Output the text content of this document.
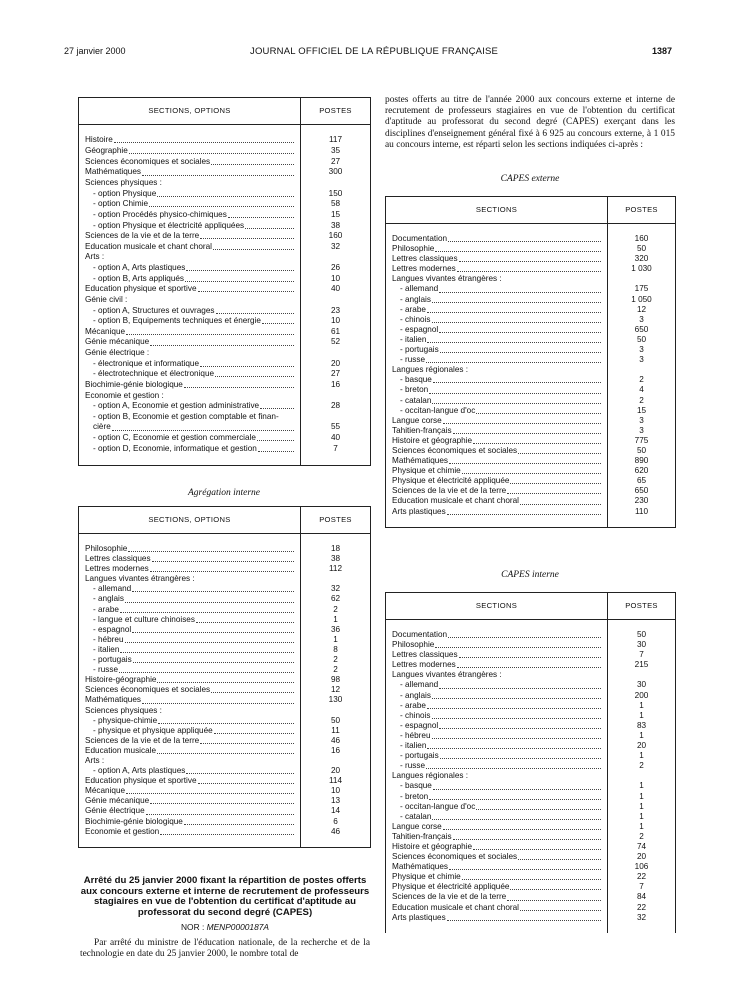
27 janvier 2000	JOURNAL OFFICIEL DE LA RÉPUBLIQUE FRANÇAISE	1387
SECTIONS, OPTIONS	POSTES

Histoire	117

Géographie	35

Sciences économiques et sociales	27

Mathématiques	300

Sciences physiques :	

- option Physique	150

- option Chimie	58

- option Procédés physico-chimiques	15

- option Physique et électricité appliquées	38

Sciences de la vie et de la terre	160

Education musicale et chant choral	32

Arts :	

- option A, Arts plastiques	26

- option B, Arts appliqués	10

Education physique et sportive	40

Génie civil :	

- option A, Structures et ouvrages	23

- option B, Equipements techniques et énergie	10

Mécanique	61

Génie mécanique	52

Génie électrique :	

- électronique et informatique	20

- électrotechnique et électronique	27

Biochimie-génie biologique	16

Economie et gestion :	

- option A, Economie et gestion administrative	28

- option B, Economie et gestion comptable et finan-	

cière	55

- option C, Economie et gestion commerciale	40

- option D, Economie, informatique et gestion	7
Agrégation interne
SECTIONS, OPTIONS	POSTES

Philosophie	18

Lettres classiques	38

Lettres modernes	112

Langues vivantes étrangères :	

- allemand	32

- anglais	62

- arabe	2

- langue et culture chinoises	1

- espagnol	36

- hébreu	1

- italien	8

- portugais	2

- russe	2

Histoire-géographie	98

Sciences économiques et sociales	12

Mathématiques	130

Sciences physiques :	

- physique-chimie	50

- physique et physique appliquée	11

Sciences de la vie et de la terre	46

Education musicale	16

Arts :	

- option A, Arts plastiques	20

Education physique et sportive	114

Mécanique	10

Génie mécanique	13

Génie électrique	14

Biochimie-génie biologique	6

Economie et gestion	46
Arrêté du 25 janvier 2000 fixant la répartition de postes offerts aux concours externe et interne de recrutement de professeurs stagiaires en vue de l'obtention du certificat d'aptitude au professorat du second degré (CAPES)
NOR : MENP0000187A
Par arrêté du ministre de l'éducation nationale, de la recherche et de la technologie en date du 25 janvier 2000, le nombre total de
postes offerts au titre de l'année 2000 aux concours externe et interne de recrutement de professeurs stagiaires en vue de l'obtention du certificat d'aptitude au professorat du second degré (CAPES) exerçant dans les disciplines d'enseignement général fixé à 6 925 au concours externe, à 1 015 au concours interne, est réparti selon les sections indiquées ci-après :
CAPES externe
SECTIONS	POSTES

Documentation	160

Philosophie	50

Lettres classiques	320

Lettres modernes	1 030

Langues vivantes étrangères :	

- allemand	175

- anglais	1 050

- arabe	12

- chinois	3

- espagnol	650

- italien	50

- portugais	3

- russe	3

Langues régionales :	

- basque	2

- breton	4

- catalan	2

- occitan-langue d'oc	15

Langue corse	3

Tahitien-français	3

Histoire et géographie	775

Sciences économiques et sociales	50

Mathématiques	890

Physique et chimie	620

Physique et électricité appliquée	65

Sciences de la vie et de la terre	650

Education musicale et chant choral	230

Arts plastiques	110
CAPES interne
SECTIONS	POSTES

Documentation	50

Philosophie	30

Lettres classiques	7

Lettres modernes	215

Langues vivantes étrangères :	

- allemand	30

- anglais	200

- arabe	1

- chinois	1

- espagnol	83

- hébreu	1

- italien	20

- portugais	1

- russe	2

Langues régionales :	

- basque	1

- breton	1

- occitan-langue d'oc	1

- catalan	1

Langue corse	1

Tahitien-français	2

Histoire et géographie	74

Sciences économiques et sociales	20

Mathématiques	106

Physique et chimie	22

Physique et électricité appliquée	7

Sciences de la vie et de la terre	84

Education musicale et chant choral	22

Arts plastiques	32
